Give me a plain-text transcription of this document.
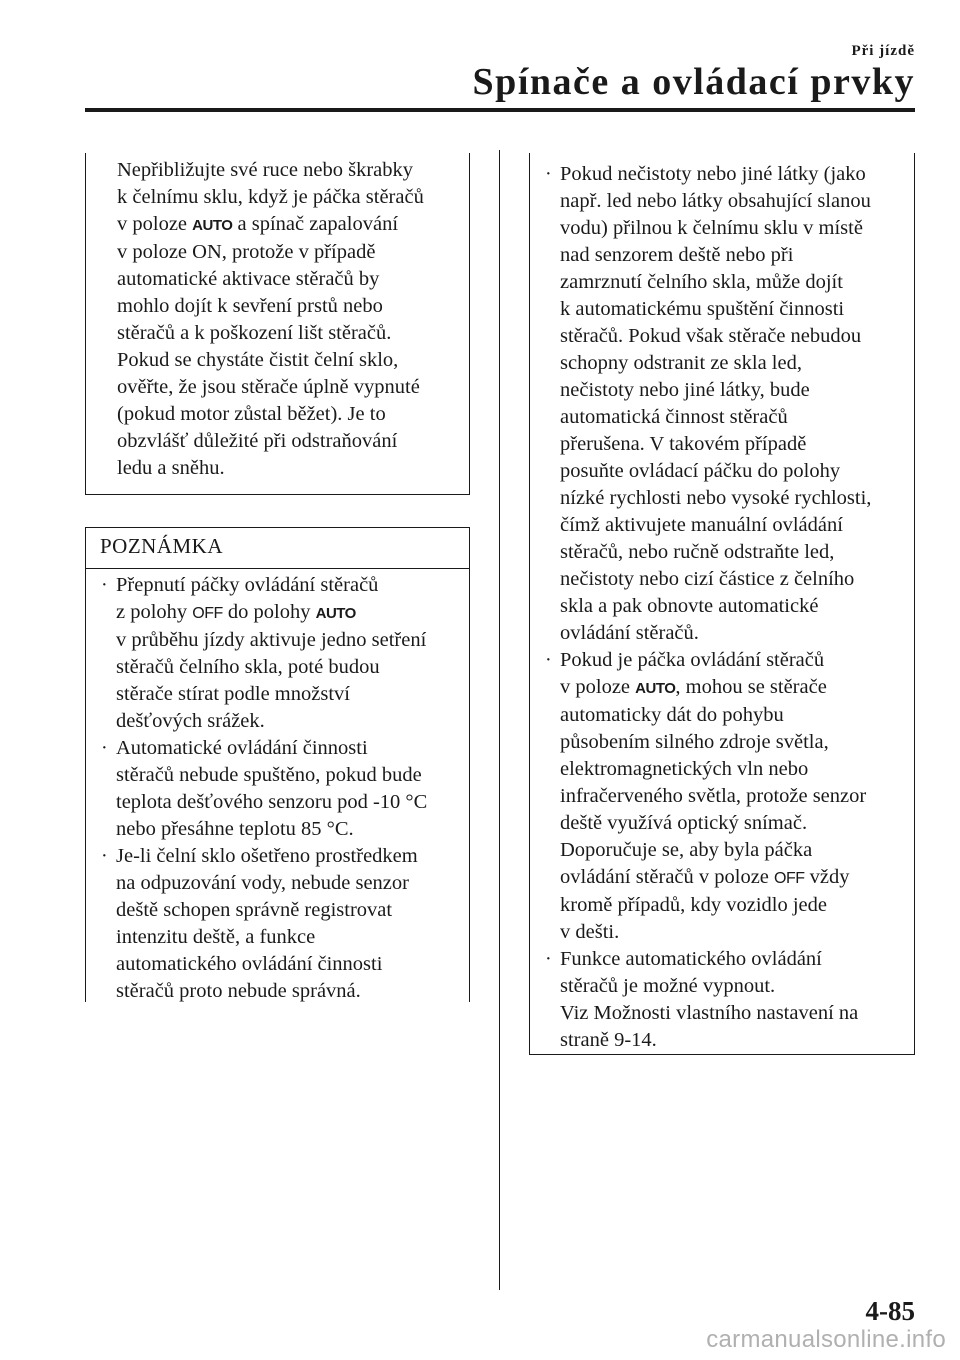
Při jízdě
Spínače a ovládací prvky
Nepřibližujte své ruce nebo škrabky
k čelnímu sklu, když je páčka stěračů
v poloze AUTO a spínač zapalování
v poloze ON, protože v případě
automatické aktivace stěračů by
mohlo dojít k sevření prstů nebo
stěračů a k poškození lišt stěračů.
Pokud se chystáte čistit čelní sklo,
ověřte, že jsou stěrače úplně vypnuté
(pokud motor zůstal běžet). Je to
obzvlášť důležité při odstraňování
ledu a sněhu.
POZNÁMKA
· Přepnutí páčky ovládání stěračů
z polohy OFF do polohy AUTO
v průběhu jízdy aktivuje jedno setření
stěračů čelního skla, poté budou
stěrače stírat podle množství
dešťových srážek.
· Automatické ovládání činnosti
stěračů nebude spuštěno, pokud bude
teplota dešťového senzoru pod -10 °C
nebo přesáhne teplotu 85 °C.
· Je-li čelní sklo ošetřeno prostředkem
na odpuzování vody, nebude senzor
deště schopen správně registrovat
intenzitu deště, a funkce
automatického ovládání činnosti
stěračů proto nebude správná.
· Pokud nečistoty nebo jiné látky (jako
např. led nebo látky obsahující slanou
vodu) přilnou k čelnímu sklu v místě
nad senzorem deště nebo při
zamrznutí čelního skla, může dojít
k automatickému spuštění činnosti
stěračů. Pokud však stěrače nebudou
schopny odstranit ze skla led,
nečistoty nebo jiné látky, bude
automatická činnost stěračů
přerušena. V takovém případě
posuňte ovládací páčku do polohy
nízké rychlosti nebo vysoké rychlosti,
čímž aktivujete manuální ovládání
stěračů, nebo ručně odstraňte led,
nečistoty nebo cizí částice z čelního
skla a pak obnovte automatické
ovládání stěračů.
· Pokud je páčka ovládání stěračů
v poloze AUTO, mohou se stěrače
automaticky dát do pohybu
působením silného zdroje světla,
elektromagnetických vln nebo
infračerveného světla, protože senzor
deště využívá optický snímač.
Doporučuje se, aby byla páčka
ovládání stěračů v poloze OFF vždy
kromě případů, kdy vozidlo jede
v dešti.
· Funkce automatického ovládání
stěračů je možné vypnout.
Viz Možnosti vlastního nastavení na
straně 9-14.
4-85
carmanualsonline.info
